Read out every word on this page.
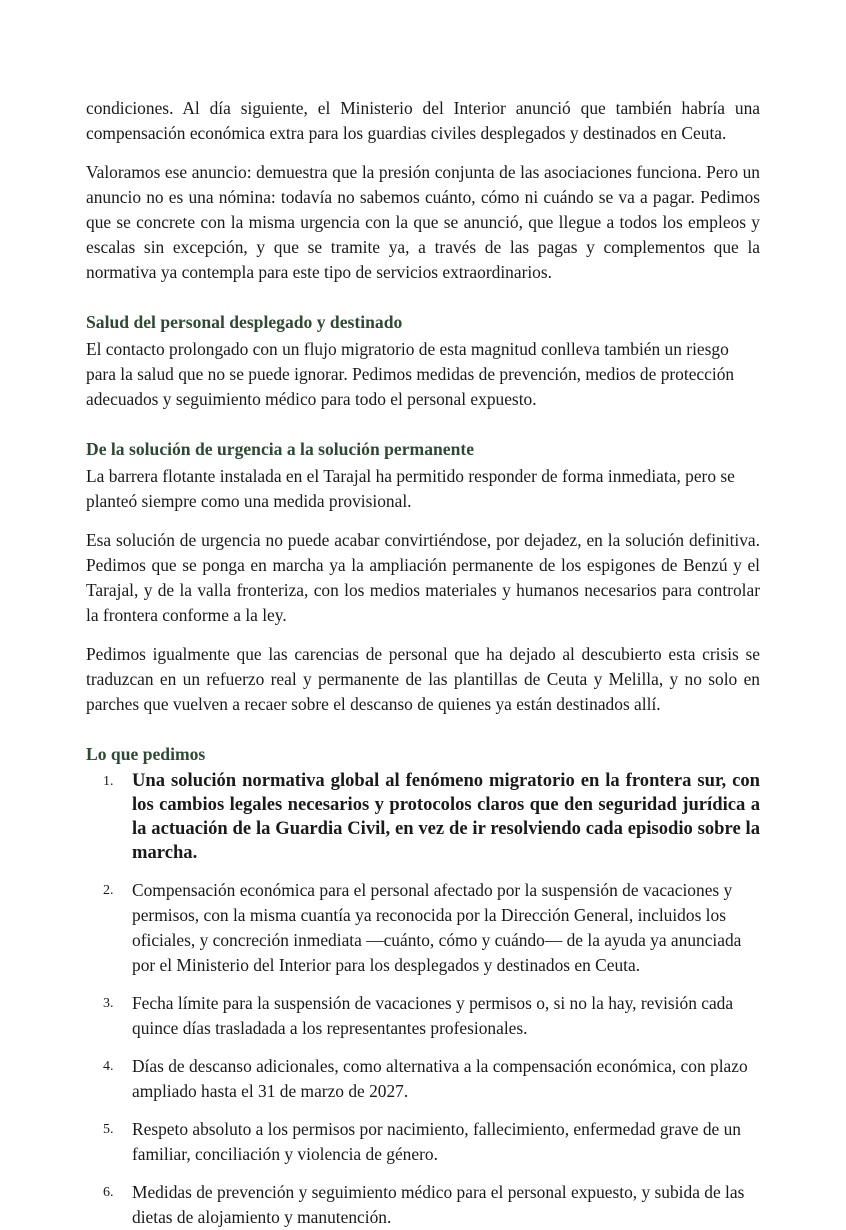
condiciones. Al día siguiente, el Ministerio del Interior anunció que también habría una compensación económica extra para los guardias civiles desplegados y destinados en Ceuta.

Valoramos ese anuncio: demuestra que la presión conjunta de las asociaciones funciona. Pero un anuncio no es una nómina: todavía no sabemos cuánto, cómo ni cuándo se va a pagar. Pedimos que se concrete con la misma urgencia con la que se anunció, que llegue a todos los empleos y escalas sin excepción, y que se tramite ya, a través de las pagas y complementos que la normativa ya contempla para este tipo de servicios extraordinarios.

Salud del personal desplegado y destinado

El contacto prolongado con un flujo migratorio de esta magnitud conlleva también un riesgo para la salud que no se puede ignorar. Pedimos medidas de prevención, medios de protección adecuados y seguimiento médico para todo el personal expuesto.

De la solución de urgencia a la solución permanente

La barrera flotante instalada en el Tarajal ha permitido responder de forma inmediata, pero se planteó siempre como una medida provisional.

Esa solución de urgencia no puede acabar convirtiéndose, por dejadez, en la solución definitiva. Pedimos que se ponga en marcha ya la ampliación permanente de los espigones de Benzú y el Tarajal, y de la valla fronteriza, con los medios materiales y humanos necesarios para controlar la frontera conforme a la ley.

Pedimos igualmente que las carencias de personal que ha dejado al descubierto esta crisis se traduzcan en un refuerzo real y permanente de las plantillas de Ceuta y Melilla, y no solo en parches que vuelven a recaer sobre el descanso de quienes ya están destinados allí.

Lo que pedimos
1. Una solución normativa global al fenómeno migratorio en la frontera sur, con los cambios legales necesarios y protocolos claros que den seguridad jurídica a la actuación de la Guardia Civil, en vez de ir resolviendo cada episodio sobre la marcha.
2.	Compensación económica para el personal afectado por la suspensión de vacaciones y permisos, con la misma cuantía ya reconocida por la Dirección General, incluidos los oficiales, y concreción inmediata —cuánto, cómo y cuándo— de la ayuda ya anunciada por el Ministerio del Interior para los desplegados y destinados en Ceuta.
3.	Fecha límite para la suspensión de vacaciones y permisos o, si no la hay, revisión cada quince días trasladada a los representantes profesionales.
4.	Días de descanso adicionales, como alternativa a la compensación económica, con plazo ampliado hasta el 31 de marzo de 2027.
5.	Respeto absoluto a los permisos por nacimiento, fallecimiento, enfermedad grave de un familiar, conciliación y violencia de género.
6.	Medidas de prevención y seguimiento médico para el personal expuesto, y subida de las dietas de alojamiento y manutención.
